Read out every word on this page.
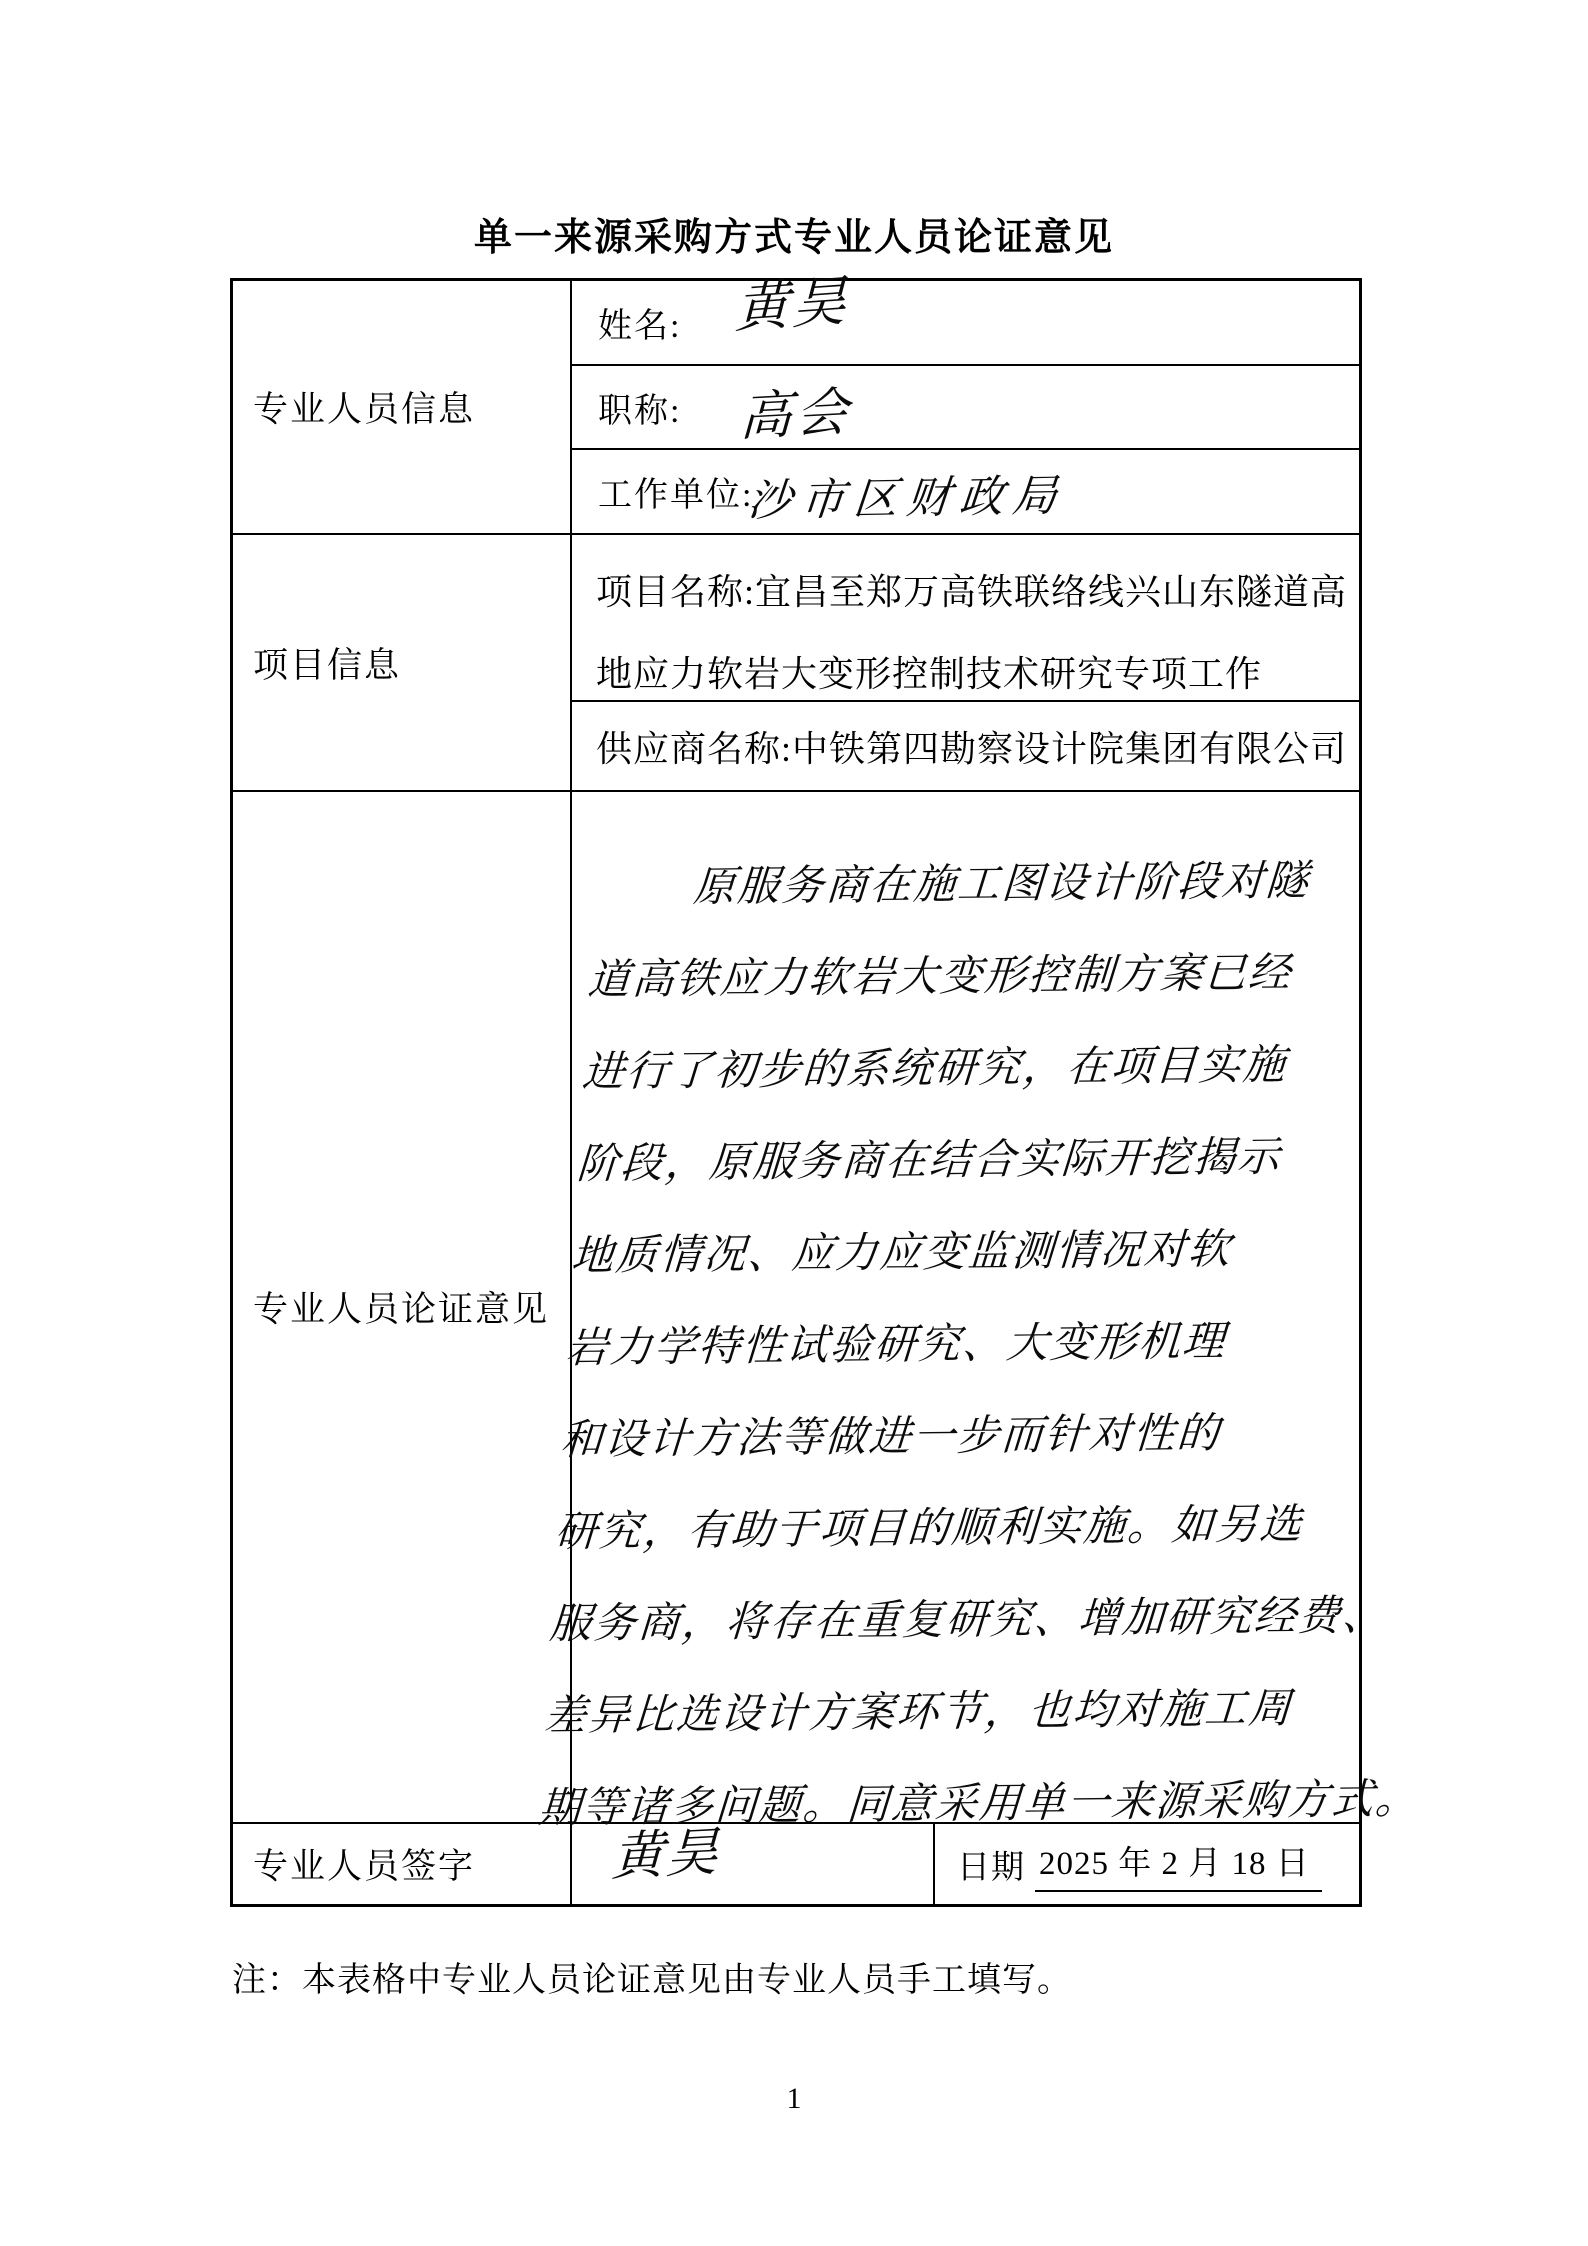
单一来源采购方式专业人员论证意见
专业人员信息
姓名:
职称:
工作单位:
项目信息
项目名称:宜昌至郑万高铁联络线兴山东隧道高
地应力软岩大变形控制技术研究专项工作
供应商名称:中铁第四勘察设计院集团有限公司
专业人员论证意见
专业人员签字	日期 2025 年 2 月 18 日
黄昊
高会
沙市区财政局
原服务商在施工图设计阶段对隧
道高铁应力软岩大变形控制方案已经
进行了初步的系统研究，在项目实施
阶段，原服务商在结合实际开挖揭示
地质情况、应力应变监测情况对软
岩力学特性试验研究、大变形机理
和设计方法等做进一步而针对性的
研究，有助于项目的顺利实施。如另选
服务商，将存在重复研究、增加研究经费、
差异比选设计方案环节，也均对施工周
期等诸多问题。同意采用单一来源采购方式。
黄昊
注：本表格中专业人员论证意见由专业人员手工填写。
1
